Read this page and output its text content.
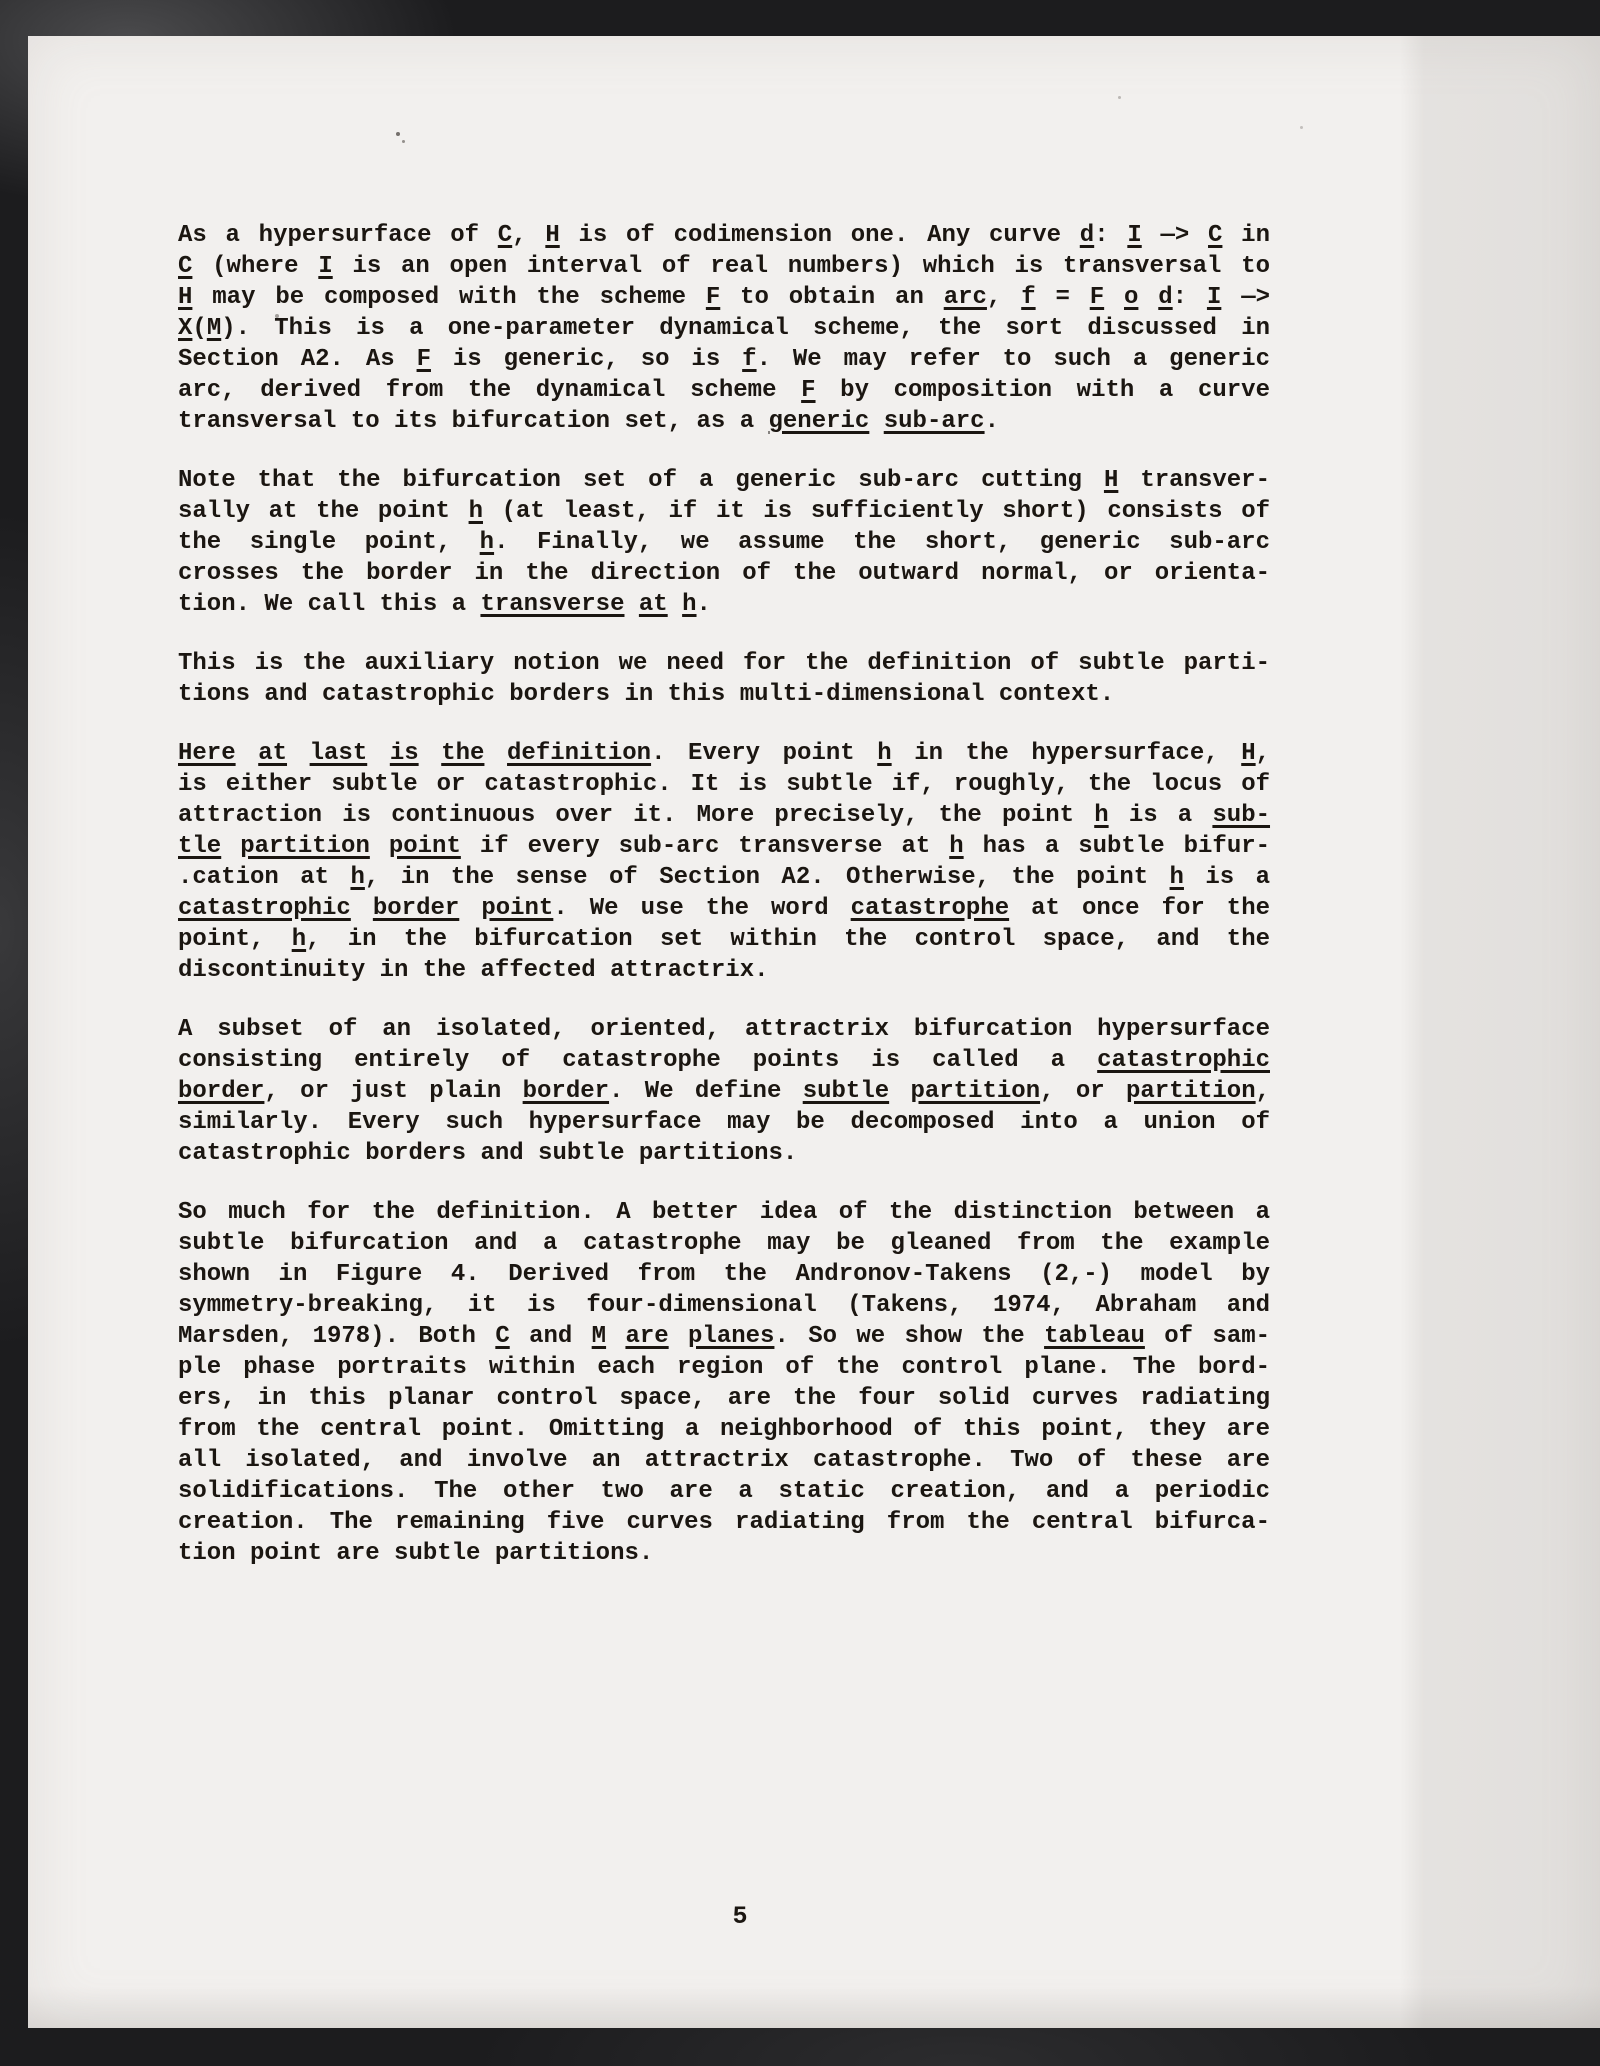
As a hypersurface of C, H is of codimension one. Any curve d: I —> C in
C (where I is an open interval of real numbers) which is transversal to
H may be composed with the scheme F to obtain an arc, f = F o d: I —>
X(M). This is a one-parameter dynamical scheme, the sort discussed in
Section A2. As F is generic, so is f. We may refer to such a generic
arc, derived from the dynamical scheme F by composition with a curve
transversal to its bifurcation set, as a generic sub-arc.
Note that the bifurcation set of a generic sub-arc cutting H transver-
sally at the point h (at least, if it is sufficiently short) consists of
the single point, h. Finally, we assume the short, generic sub-arc
crosses the border in the direction of the outward normal, or orienta-
tion. We call this a transverse at h.
This is the auxiliary notion we need for the definition of subtle parti-
tions and catastrophic borders in this multi-dimensional context.
Here at last is the definition. Every point h in the hypersurface, H,
is either subtle or catastrophic. It is subtle if, roughly, the locus of
attraction is continuous over it. More precisely, the point h is a sub-
tle partition point if every sub-arc transverse at h has a subtle bifur-
.cation at h, in the sense of Section A2. Otherwise, the point h is a
catastrophic border point. We use the word catastrophe at once for the
point, h, in the bifurcation set within the control space, and the
discontinuity in the affected attractrix.
A subset of an isolated, oriented, attractrix bifurcation hypersurface
consisting entirely of catastrophe points is called a catastrophic
border, or just plain border. We define subtle partition, or partition,
similarly. Every such hypersurface may be decomposed into a union of
catastrophic borders and subtle partitions.
So much for the definition. A better idea of the distinction between a
subtle bifurcation and a catastrophe may be gleaned from the example
shown in Figure 4. Derived from the Andronov-Takens (2,-) model by
symmetry-breaking, it is four-dimensional (Takens, 1974, Abraham and
Marsden, 1978). Both C and M are planes. So we show the tableau of sam-
ple phase portraits within each region of the control plane. The bord-
ers, in this planar control space, are the four solid curves radiating
from the central point. Omitting a neighborhood of this point, they are
all isolated, and involve an attractrix catastrophe. Two of these are
solidifications. The other two are a static creation, and a periodic
creation. The remaining five curves radiating from the central bifurca-
tion point are subtle partitions.
5
